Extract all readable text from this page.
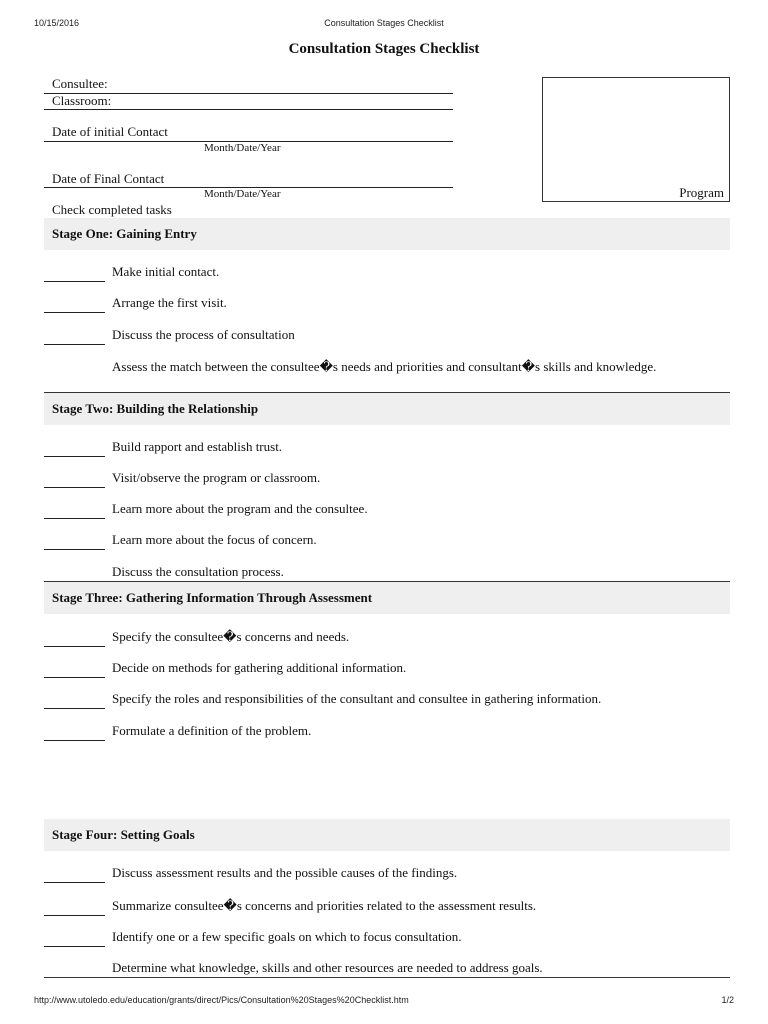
10/15/2016	Consultation Stages Checklist
Consultation Stages Checklist
Consultee:
Classroom:
Date of initial Contact
Month/Date/Year
Date of Final Contact
Month/Date/Year
Check completed tasks
Program
Stage One: Gaining Entry
Make initial contact.
Arrange the first visit.
Discuss the process of consultation
Assess the match between the consultee�s needs and priorities and consultant�s skills and knowledge.
Stage Two: Building the Relationship
Build rapport and establish trust.
Visit/observe the program or classroom.
Learn more about the program and the consultee.
Learn more about the focus of concern.
Discuss the consultation process.
Stage Three: Gathering Information Through Assessment
Specify the consultee�s concerns and needs.
Decide on methods for gathering additional information.
Specify the roles and responsibilities of the consultant and consultee in gathering information.
Formulate a definition of the problem.
Stage Four: Setting Goals
Discuss assessment results and the possible causes of the findings.
Summarize consultee�s concerns and priorities related to the assessment results.
Identify one or a few specific goals on which to focus consultation.
Determine what knowledge, skills and other resources are needed to address goals.
http://www.utoledo.edu/education/grants/direct/Pics/Consultation%20Stages%20Checklist.htm	1/2
